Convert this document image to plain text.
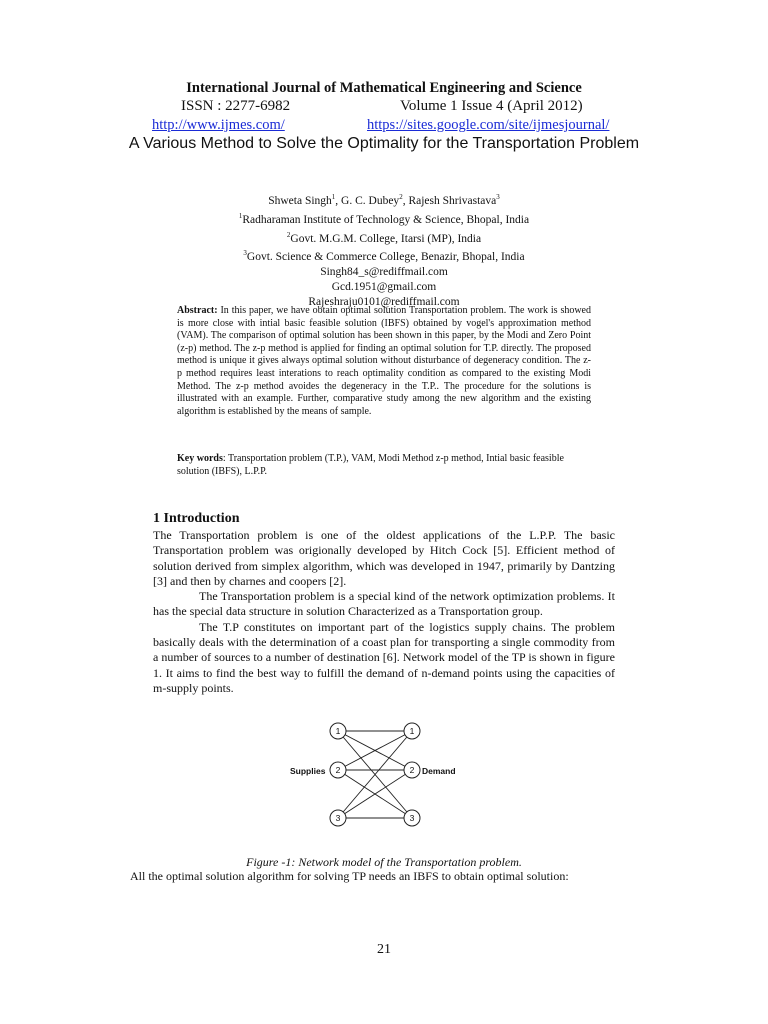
International Journal of Mathematical Engineering and Science
ISSN : 2277-6982	Volume 1 Issue 4 (April 2012)
http://www.ijmes.com/	https://sites.google.com/site/ijmesjournal/
A Various Method to Solve the Optimality for the Transportation Problem
Shweta Singh$^1$, G. C. Dubey$^2$, Rajesh Shrivastava$^3$
$^1$Radharaman Institute of Technology & Science, Bhopal, India
$^2$Govt. M.G.M. College, Itarsi (MP), India
$^3$Govt. Science & Commerce College, Benazir, Bhopal, India
Singh84_s@rediffmail.com
Gcd.1951@gmail.com
Rajeshraju0101@rediffmail.com
Abstract: In this paper, we have obtain optimal solution Transportation problem. The work is showed is more close with intial basic feasible solution (IBFS) obtained by vogel's approximation method (VAM). The comparison of optimal solution has been shown in this paper, by the Modi and Zero Point (z-p) method. The z-p method is applied for finding an optimal solution for T.P. directly. The proposed method is unique it gives always optimal solution without disturbance of degeneracy condition. The z-p method requires least interations to reach optimality condition as compared to the existing Modi Method. The z-p method avoides the degeneracy in the T.P.. The procedure for the solutions is illustrated with an example. Further, comparative study among the new algorithm and the existing algorithm is established by the means of sample.
Key words: Transportation problem (T.P.), VAM, Modi Method z-p method, Intial basic feasible solution (IBFS), L.P.P.
1 Introduction

The Transportation problem is one of the oldest applications of the L.P.P. The basic Transportation problem was origionally developed by Hitch Cock [5]. Efficient method of solution derived from simplex algorithm, which was developed in 1947, primarily by Dantzing [3] and then by charnes and coopers [2].

The Transportation problem is a special kind of the network optimization problems. It has the special data structure in solution Characterized as a Transportation group.

The T.P constitutes on important part of the logistics supply chains. The problem basically deals with the determination of a coast plan for transporting a single commodity from a number of sources to a number of destination [6]. Network model of the TP is shown in figure 1. It aims to find the best way to fulfill the demand of n-demand points using the capacities of m-supply points.

1
2
3
1
2
3
Supplies	Demand
Figure -1: Network model of the Transportation problem.
All the optimal solution algorithm for solving TP needs an IBFS to obtain optimal solution:
21
